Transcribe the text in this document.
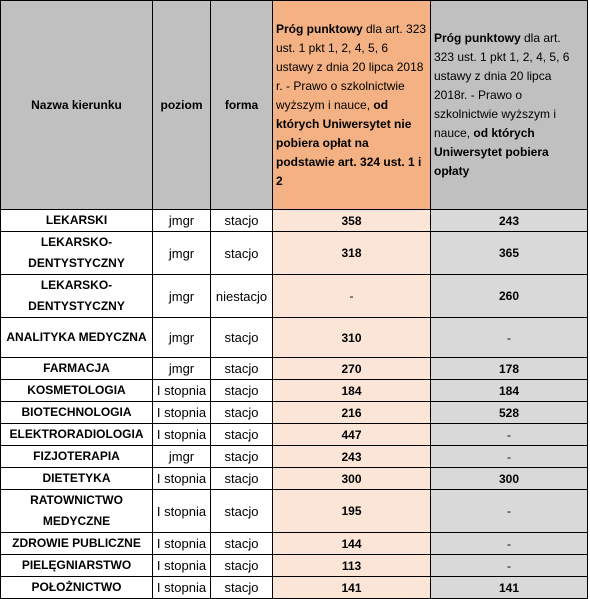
Nazwa kierunku	poziom	forma	Próg punktowy dla art. 323 ust. 1 pkt 1, 2, 4, 5, 6 ustawy z dnia 20 lipca 2018 r. - Prawo o szkolnictwie wyższym i nauce, od których Uniwersytet nie pobiera opłat na podstawie art. 324 ust. 1 i 2	Próg punktowy dla art. 323 ust. 1 pkt 1, 2, 4, 5, 6 ustawy z dnia 20 lipca 2018r. - Prawo o szkolnictwie wyższym i nauce, od których Uniwersytet pobiera opłaty
LEKARSKI	jmgr	stacjo	358	243
LEKARSKO-DENTYSTYCZNY	jmgr	stacjo	318	365
LEKARSKO-DENTYSTYCZNY	jmgr	niestacjo	-	260
ANALITYKA MEDYCZNA	jmgr	stacjo	310	-
FARMACJA	jmgr	stacjo	270	178
KOSMETOLOGIA	I stopnia	stacjo	184	184
BIOTECHNOLOGIA	I stopnia	stacjo	216	528
ELEKTRORADIOLOGIA	I stopnia	stacjo	447	-
FIZJOTERAPIA	jmgr	stacjo	243	-
DIETETYKA	I stopnia	stacjo	300	300
RATOWNICTWO MEDYCZNE	I stopnia	stacjo	195	-
ZDROWIE PUBLICZNE	I stopnia	stacjo	144	-
PIELĘGNIARSTWO	I stopnia	stacjo	113	-
POŁOŻNICTWO	I stopnia	stacjo	141	141
